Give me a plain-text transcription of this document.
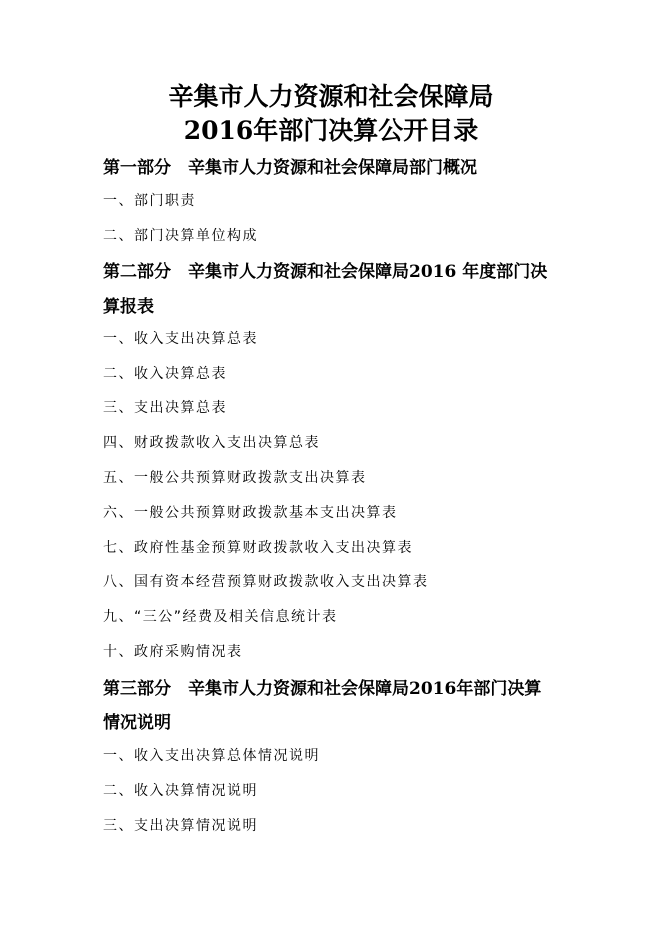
辛集市人力资源和社会保障局
2016年部门决算公开目录
第一部分　辛集市人力资源和社会保障局部门概况
一、部门职责
二、部门决算单位构成
第二部分　辛集市人力资源和社会保障局2016 年度部门决
算报表
一、收入支出决算总表
二、收入决算总表
三、支出决算总表
四、财政拨款收入支出决算总表
五、一般公共预算财政拨款支出决算表
六、一般公共预算财政拨款基本支出决算表
七、政府性基金预算财政拨款收入支出决算表
八、国有资本经营预算财政拨款收入支出决算表
九、“三公”经费及相关信息统计表
十、政府采购情况表
第三部分　辛集市人力资源和社会保障局2016年部门决算
情况说明
一、收入支出决算总体情况说明
二、收入决算情况说明
三、支出决算情况说明
